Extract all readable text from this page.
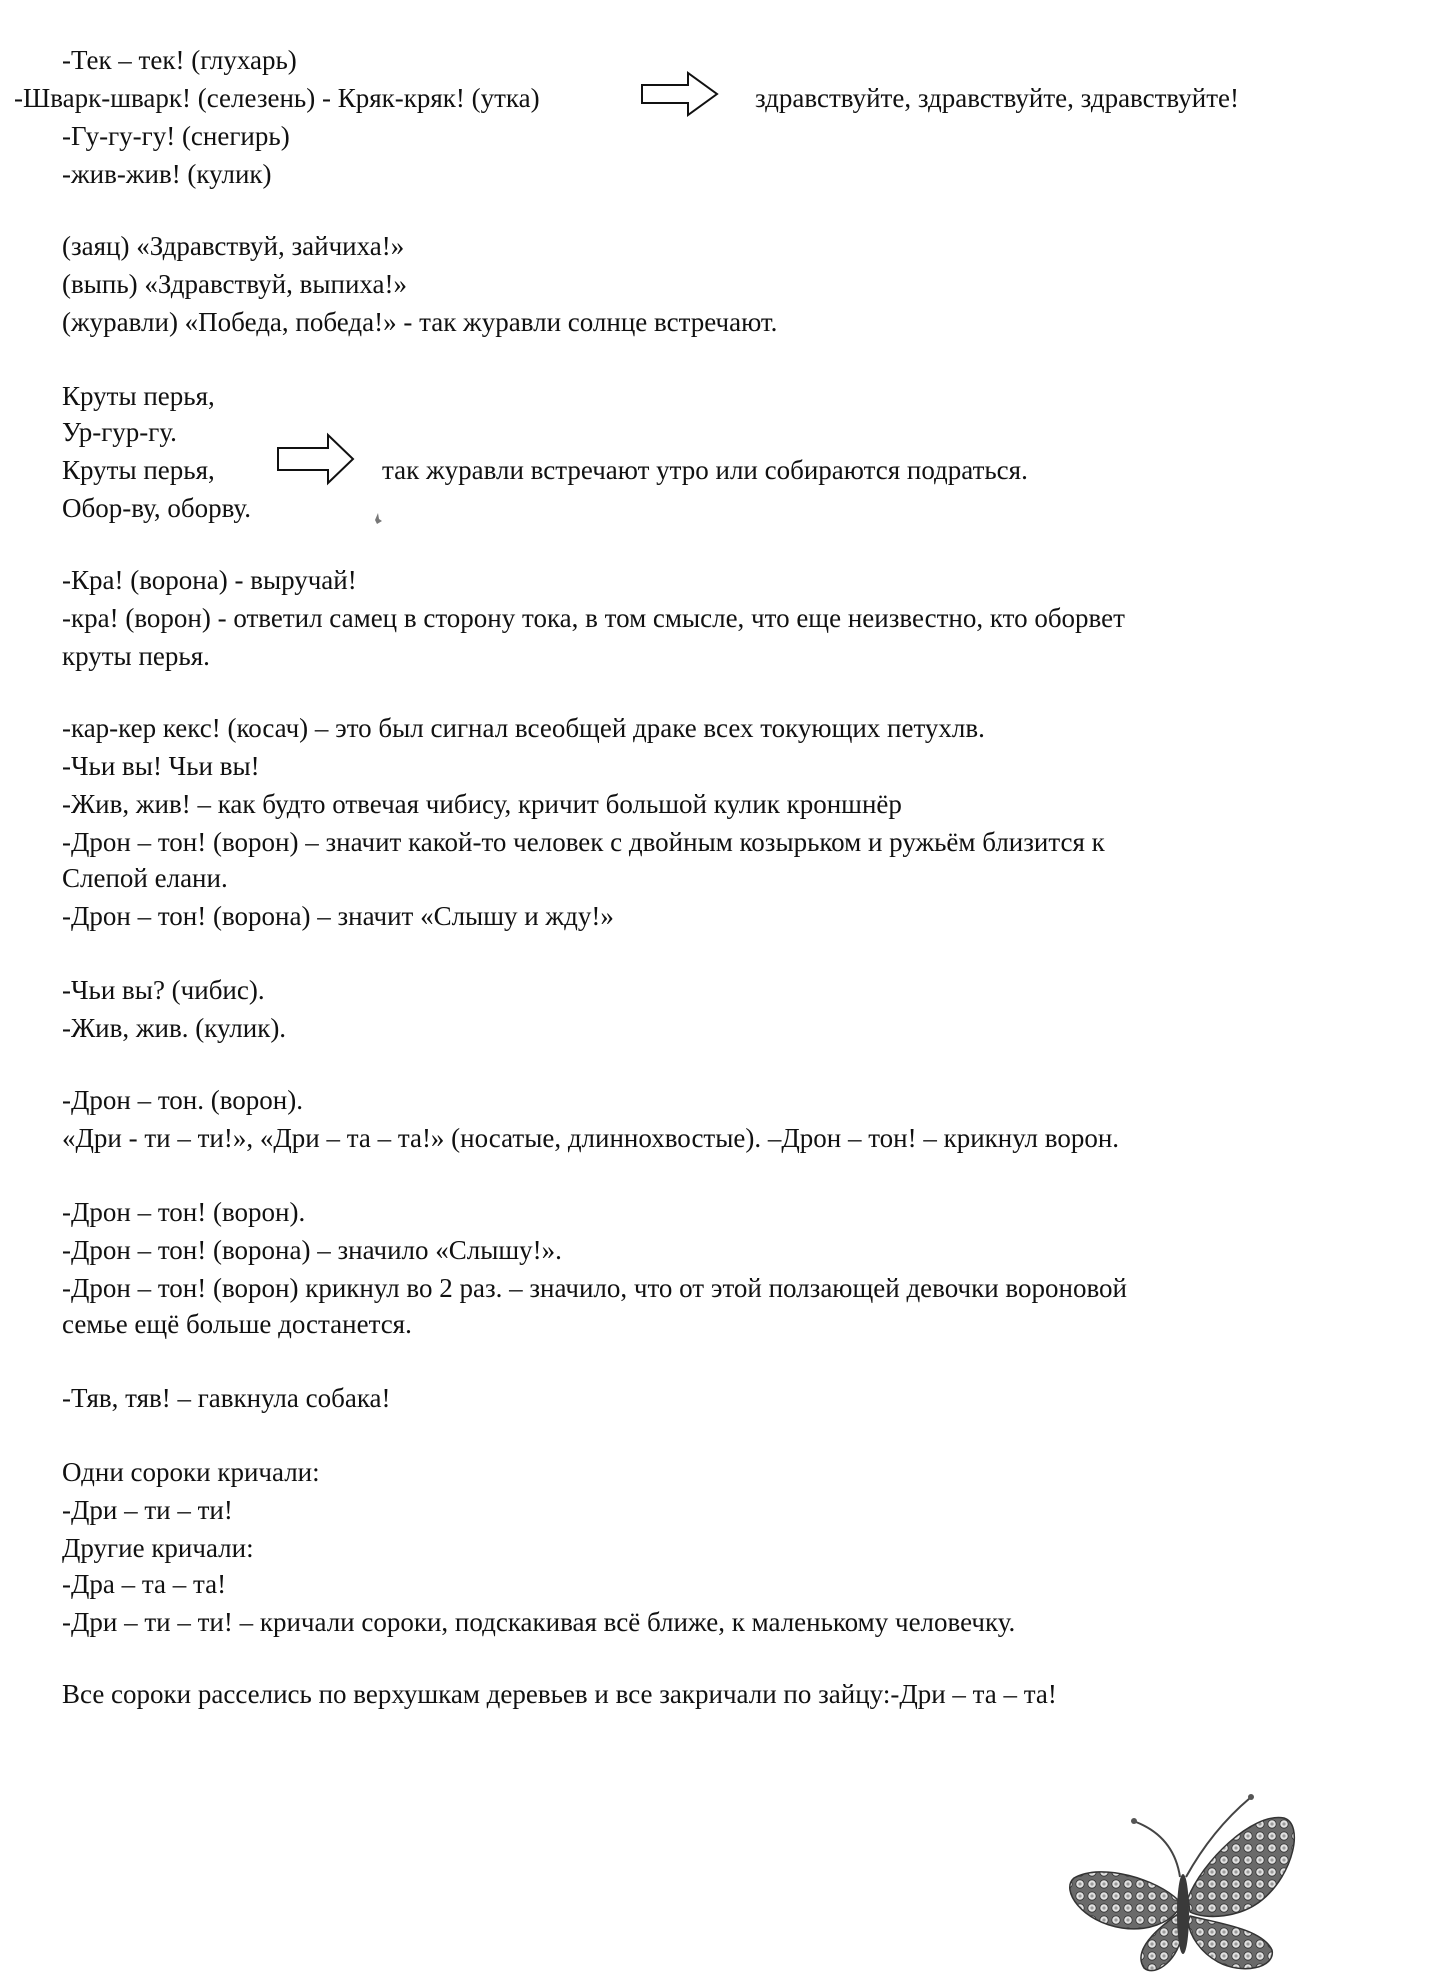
-Тек – тек! (глухарь)
-Шварк-шварк! (селезень) - Кряк-кряк! (утка)	здравствуйте, здравствуйте, здравствуйте!
-Гу-гу-гу! (снегирь)
-жив-жив! (кулик)
(заяц) «Здравствуй, зайчиха!»
(выпь) «Здравствуй, выпиха!»
(журавли) «Победа, победа!» - так журавли солнце встречают.
Круты перья,
Ур-гур-гу.
Круты перья,	так журавли встречают утро или собираются подраться.
Обор-ву, оборву.
-Кра! (ворона) - выручай!
-кра! (ворон) - ответил самец в сторону тока, в том смысле, что еще неизвестно, кто оборвет
круты перья.
-кар-кер кекс! (косач) – это был сигнал всеобщей драке всех токующих петухлв.
-Чьи вы! Чьи вы!
-Жив, жив! – как будто отвечая чибису, кричит большой кулик кроншнёр
-Дрон – тон! (ворон) – значит какой-то человек с двойным козырьком и ружьём близится к
Слепой елани.
-Дрон – тон! (ворона) – значит «Слышу и жду!»
-Чьи вы? (чибис).
-Жив, жив. (кулик).
-Дрон – тон. (ворон).
«Дри - ти – ти!», «Дри – та – та!» (носатые, длиннохвостые). –Дрон – тон! – крикнул ворон.
-Дрон – тон! (ворон).
-Дрон – тон! (ворона) – значило «Слышу!».
-Дрон – тон! (ворон) крикнул во 2 раз. – значило, что от этой ползающей девочки вороновой
семье ещё больше достанется.
-Тяв, тяв! – гавкнула собака!
Одни сороки кричали:
-Дри – ти – ти!
Другие кричали:
-Дра – та – та!
-Дри – ти – ти! – кричали сороки, подскакивая всё ближе, к маленькому человечку.
Все сороки расселись по верхушкам деревьев и все закричали по зайцу:-Дри – та – та!
